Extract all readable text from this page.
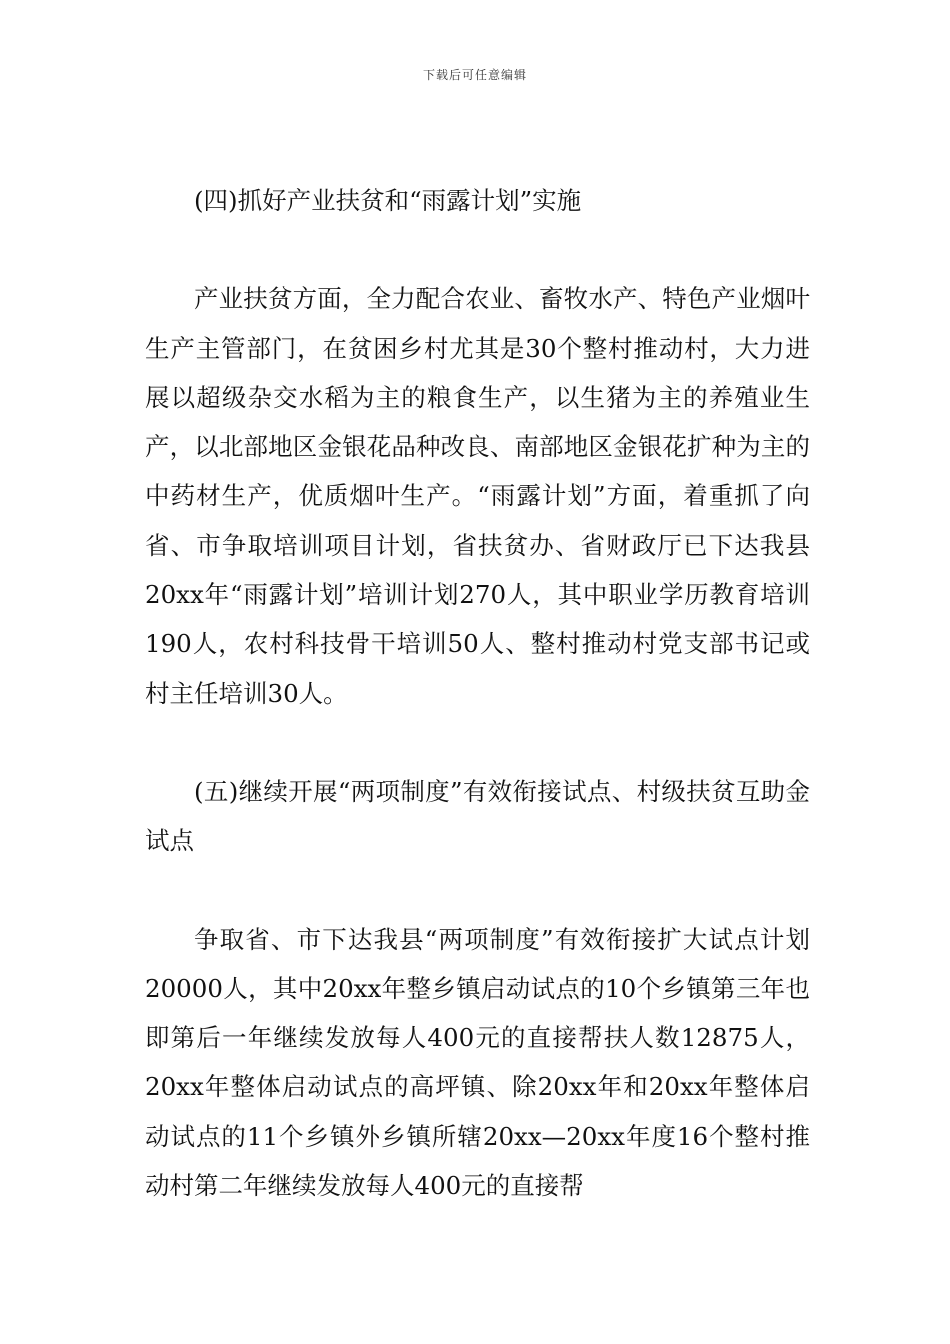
下载后可任意编辑

(四)抓好产业扶贫和“雨露计划”实施

产业扶贫方面，全力配合农业、畜牧水产、特色产业烟叶生产主管部门，在贫困乡村尤其是30个整村推动村，大力进展以超级杂交水稻为主的粮食生产，以生猪为主的养殖业生产，以北部地区金银花品种改良、南部地区金银花扩种为主的中药材生产，优质烟叶生产。“雨露计划”方面，着重抓了向省、市争取培训项目计划，省扶贫办、省财政厅已下达我县20xx年“雨露计划”培训计划270人，其中职业学历教育培训190人，农村科技骨干培训50人、整村推动村党支部书记或村主任培训30人。

(五)继续开展“两项制度”有效衔接试点、村级扶贫互助金试点

争取省、市下达我县“两项制度”有效衔接扩大试点计划20000人，其中20xx年整乡镇启动试点的10个乡镇第三年也即第后一年继续发放每人400元的直接帮扶人数12875人，20xx年整体启动试点的高坪镇、除20xx年和20xx年整体启动试点的11个乡镇外乡镇所辖20xx—20xx年度16个整村推动村第二年继续发放每人400元的直接帮
